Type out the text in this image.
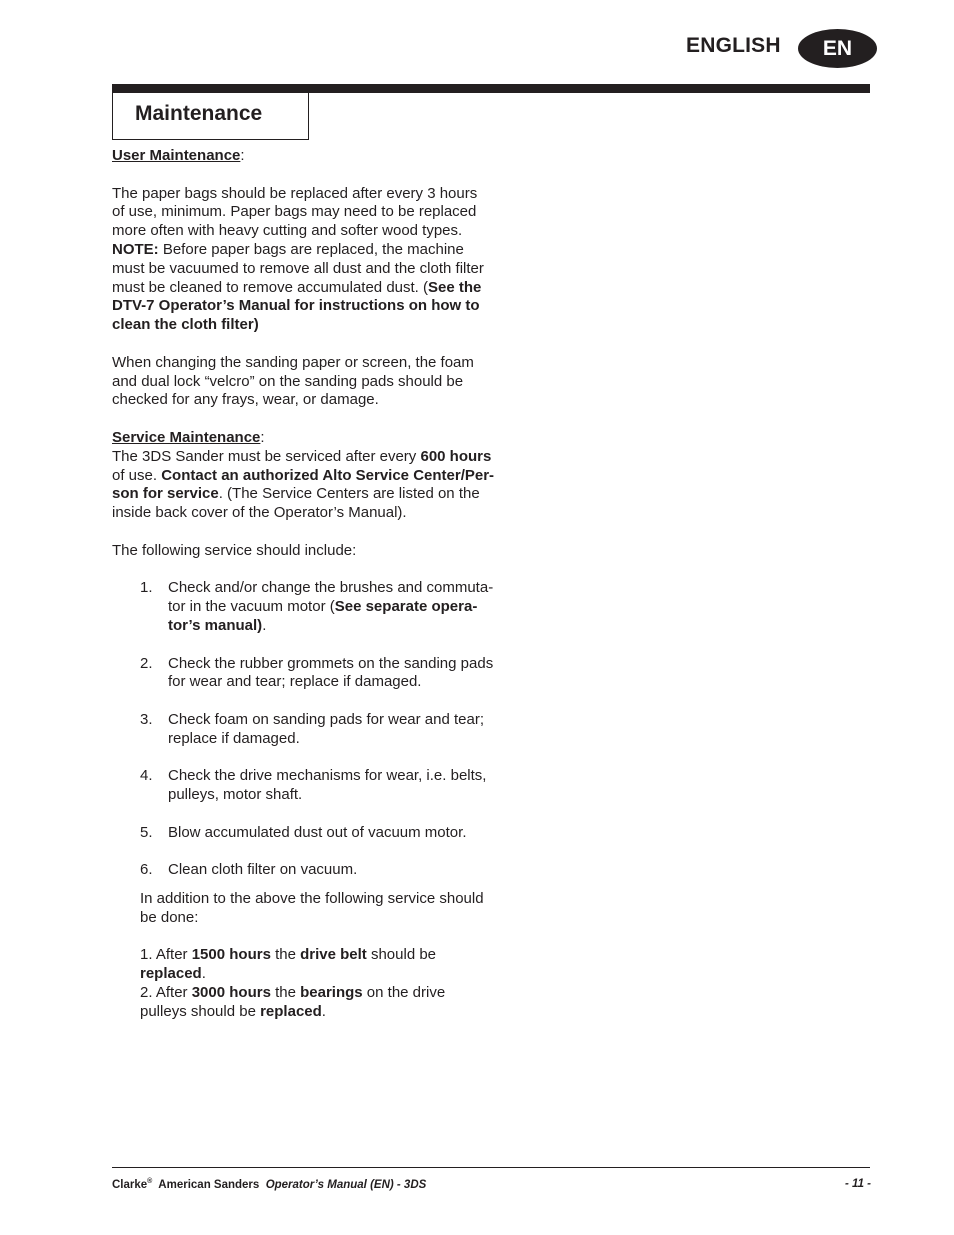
ENGLISH	EN
Maintenance

User Maintenance:

The paper bags should be replaced after every 3 hours
of use, minimum. Paper bags may need to be replaced
more often with heavy cutting and softer wood types.
NOTE: Before paper bags are replaced, the machine
must be vacuumed to remove all dust and the cloth filter
must be cleaned to remove accumulated dust. (See the
DTV-7 Operator’s Manual for instructions on how to
clean the cloth filter)

When changing the sanding paper or screen, the foam
and dual lock “velcro” on the sanding pads should be
checked for any frays, wear, or damage.

Service Maintenance:

The 3DS Sander must be serviced after every 600 hours
of use. Contact an authorized Alto Service Center/Per-
son for service. (The Service Centers are listed on the
inside back cover of the Operator’s Manual).

The following service should include:

1. Check and/or change the brushes and commuta-
tor in the vacuum motor (See separate opera-
tor’s manual).
2. Check the rubber grommets on the sanding pads
for wear and tear; replace if damaged.
3. Check foam on sanding pads for wear and tear;
replace if damaged.
4. Check the drive mechanisms for wear, i.e. belts,
pulleys, motor shaft.
5. Blow accumulated dust out of vacuum motor.
6. Clean cloth filter on vacuum.

In addition to the above the following service should
be done:

1. After 1500 hours the drive belt should be
replaced.

2. After 3000 hours the bearings on the drive
pulleys should be replaced.

Clarke®  American Sanders  Operator’s Manual (EN) - 3DS	- 11 -
